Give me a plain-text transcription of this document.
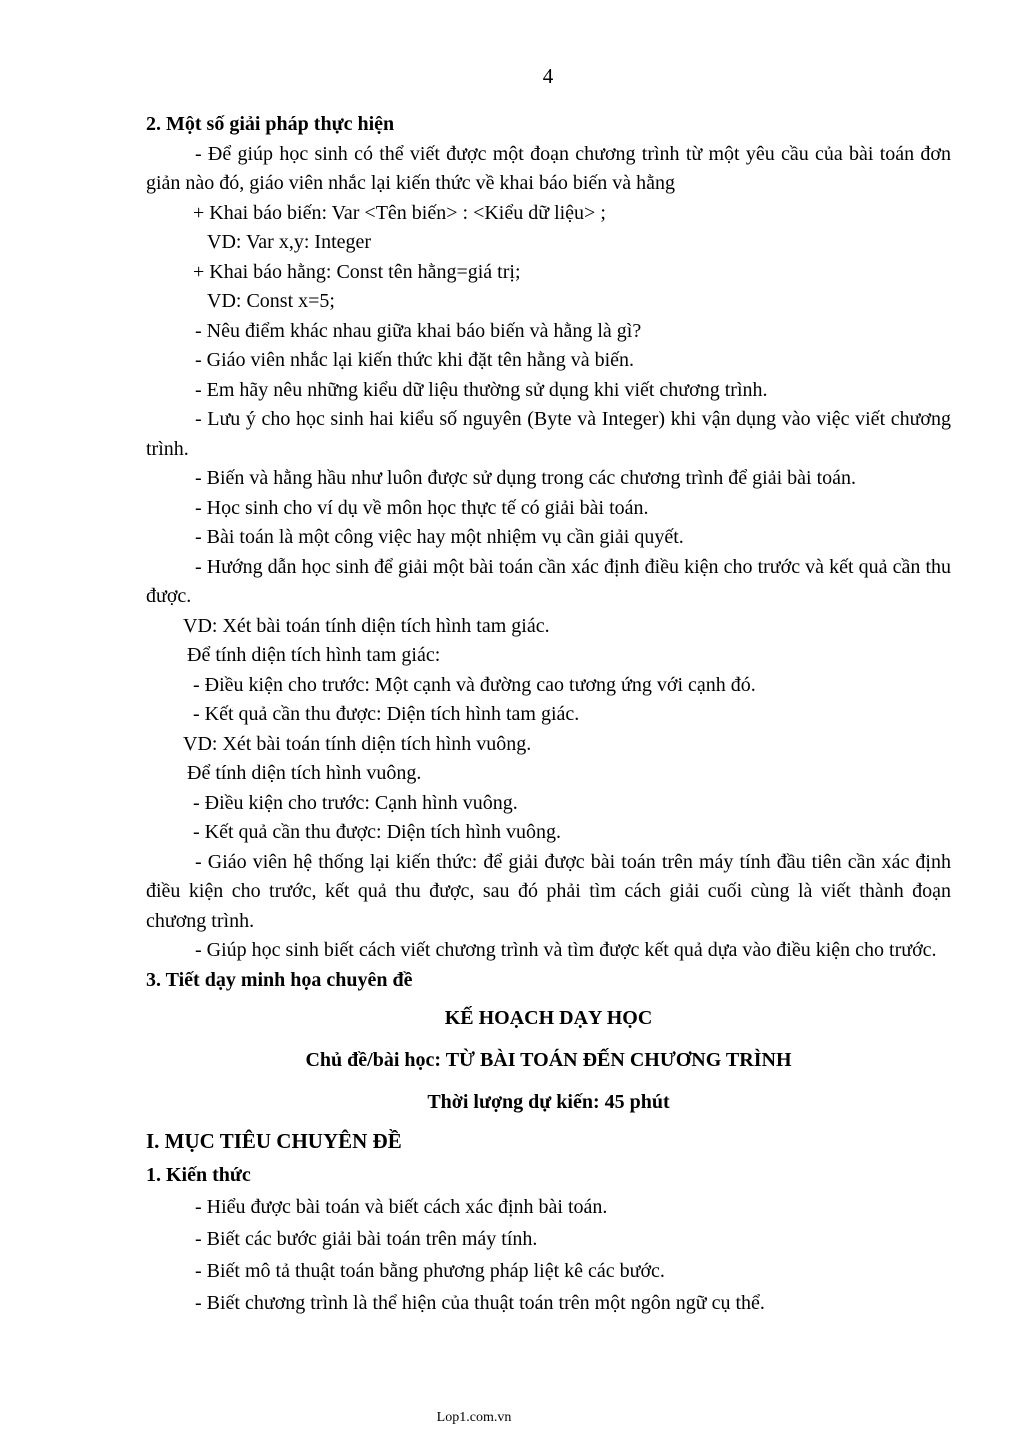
4
2. Một số giải pháp thực hiện

- Để giúp học sinh có thể viết được một đoạn chương trình từ một yêu cầu của bài toán đơn giản nào đó, giáo viên nhắc lại kiến thức về khai báo biến và hằng

+ Khai báo biến: Var <Tên biến> : <Kiểu dữ liệu> ;
VD: Var x,y: Integer
+ Khai báo hằng: Const tên hằng=giá trị;
VD: Const x=5;
- Nêu điểm khác nhau giữa khai báo biến và hằng là gì?
- Giáo viên nhắc lại kiến thức khi đặt tên hằng và biến.
- Em hãy nêu những kiểu dữ liệu thường sử dụng khi viết chương trình.

- Lưu ý cho học sinh hai kiểu số nguyên (Byte và Integer) khi vận dụng vào việc viết chương trình.

- Biến và hằng hầu như luôn được sử dụng trong các chương trình để giải bài toán.
- Học sinh cho ví dụ về môn học thực tế có giải bài toán.
- Bài toán là một công việc hay một nhiệm vụ cần giải quyết.

- Hướng dẫn học sinh để giải một bài toán cần xác định điều kiện cho trước và kết quả cần thu được.

VD: Xét bài toán tính diện tích hình tam giác.
Để tính diện tích hình tam giác:
- Điều kiện cho trước: Một cạnh và đường cao tương ứng với cạnh đó.
- Kết quả cần thu được: Diện tích hình tam giác.
VD: Xét bài toán tính diện tích hình vuông.
Để tính diện tích hình vuông.
- Điều kiện cho trước: Cạnh hình vuông.
- Kết quả cần thu được: Diện tích hình vuông.

- Giáo viên hệ thống lại kiến thức: để giải được bài toán trên máy tính đầu tiên cần xác định điều kiện cho trước, kết quả thu được, sau đó phải tìm cách giải cuối cùng là viết thành đoạn chương trình.

- Giúp học sinh biết cách viết chương trình và tìm được kết quả dựa vào điều kiện cho trước.

3. Tiết dạy minh họa chuyên đề

KẾ HOẠCH DẠY HỌC

Chủ đề/bài học: TỪ BÀI TOÁN ĐẾN CHƯƠNG TRÌNH

Thời lượng dự kiến: 45 phút

I. MỤC TIÊU CHUYÊN ĐỀ
1. Kiến thức

- Hiểu được bài toán và biết cách xác định bài toán.

- Biết các bước giải bài toán trên máy tính.

- Biết mô tả thuật toán bằng phương pháp liệt kê các bước.

- Biết chương trình là thể hiện của thuật toán trên một ngôn ngữ cụ thể.

Lop1.com.vn
